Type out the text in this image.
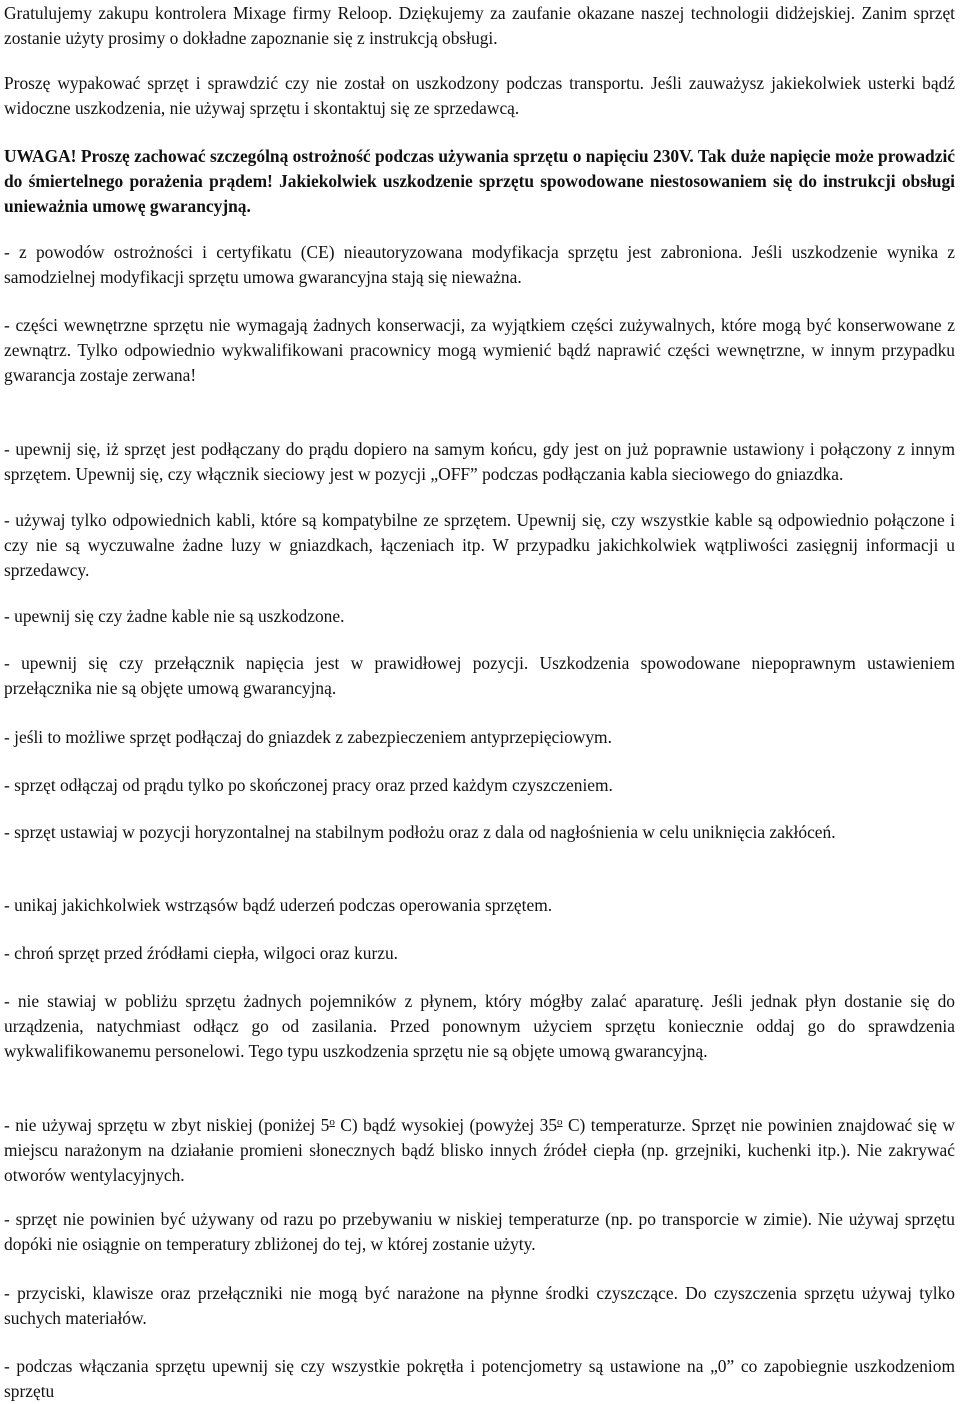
Gratulujemy zakupu kontrolera Mixage firmy Reloop. Dziękujemy za zaufanie okazane naszej technologii didżejskiej. Zanim sprzęt zostanie użyty prosimy o dokładne zapoznanie się z instrukcją obsługi.

Proszę wypakować sprzęt i sprawdzić czy nie został on uszkodzony podczas transportu. Jeśli zauważysz jakiekolwiek usterki bądź widoczne uszkodzenia, nie używaj sprzętu i skontaktuj się ze sprzedawcą.

UWAGA! Proszę zachować szczególną ostrożność podczas używania sprzętu o napięciu 230V. Tak duże napięcie może prowadzić do śmiertelnego porażenia prądem! Jakiekolwiek uszkodzenie sprzętu spowodowane niestosowaniem się do instrukcji obsługi unieważnia umowę gwarancyjną.

- z powodów ostrożności i certyfikatu (CE) nieautoryzowana modyfikacja sprzętu jest zabroniona. Jeśli uszkodzenie wynika z samodzielnej modyfikacji sprzętu umowa gwarancyjna stają się nieważna.

- części wewnętrzne sprzętu nie wymagają żadnych konserwacji, za wyjątkiem części zużywalnych, które mogą być konserwowane z zewnątrz. Tylko odpowiednio wykwalifikowani pracownicy mogą wymienić bądź naprawić części wewnętrzne, w innym przypadku gwarancja zostaje zerwana!

- upewnij się, iż sprzęt jest podłączany do prądu dopiero na samym końcu, gdy jest on już poprawnie ustawiony i połączony z innym sprzętem. Upewnij się, czy włącznik sieciowy jest w pozycji „OFF” podczas podłączania kabla sieciowego do gniazdka.

- używaj tylko odpowiednich kabli, które są kompatybilne ze sprzętem. Upewnij się, czy wszystkie kable są odpowiednio połączone i czy nie są wyczuwalne żadne luzy w gniazdkach, łączeniach itp. W przypadku jakichkolwiek wątpliwości zasięgnij informacji u sprzedawcy.

- upewnij się czy żadne kable nie są uszkodzone.

- upewnij się czy przełącznik napięcia jest w prawidłowej pozycji. Uszkodzenia spowodowane niepoprawnym ustawieniem przełącznika nie są objęte umową gwarancyjną.

- jeśli to możliwe sprzęt podłączaj do gniazdek z zabezpieczeniem antyprzepięciowym.

- sprzęt odłączaj od prądu tylko po skończonej pracy oraz przed każdym czyszczeniem.

- sprzęt ustawiaj w pozycji horyzontalnej na stabilnym podłożu oraz z dala od nagłośnienia w celu uniknięcia zakłóceń.

- unikaj jakichkolwiek wstrząsów bądź uderzeń podczas operowania sprzętem.

- chroń sprzęt przed źródłami ciepła, wilgoci oraz kurzu.

- nie stawiaj w pobliżu sprzętu żadnych pojemników z płynem, który mógłby zalać aparaturę. Jeśli jednak płyn dostanie się do urządzenia, natychmiast odłącz go od zasilania. Przed ponownym użyciem sprzętu koniecznie oddaj go do sprawdzenia wykwalifikowanemu personelowi. Tego typu uszkodzenia sprzętu nie są objęte umową gwarancyjną.

- nie używaj sprzętu w zbyt niskiej (poniżej 5$^o$ C) bądź wysokiej (powyżej 35$^o$ C) temperaturze. Sprzęt nie powinien znajdować się w miejscu narażonym na działanie promieni słonecznych bądź blisko innych źródeł ciepła (np. grzejniki, kuchenki itp.). Nie zakrywać otworów wentylacyjnych.

- sprzęt nie powinien być używany od razu po przebywaniu w niskiej temperaturze (np. po transporcie w zimie). Nie używaj sprzętu dopóki nie osiągnie on temperatury zbliżonej do tej, w której zostanie użyty.

- przyciski, klawisze oraz przełączniki nie mogą być narażone na płynne środki czyszczące. Do czyszczenia sprzętu używaj tylko suchych materiałów.

- podczas włączania sprzętu upewnij się czy wszystkie pokrętła i potencjometry są ustawione na „0” co zapobiegnie uszkodzeniom sprzętu
